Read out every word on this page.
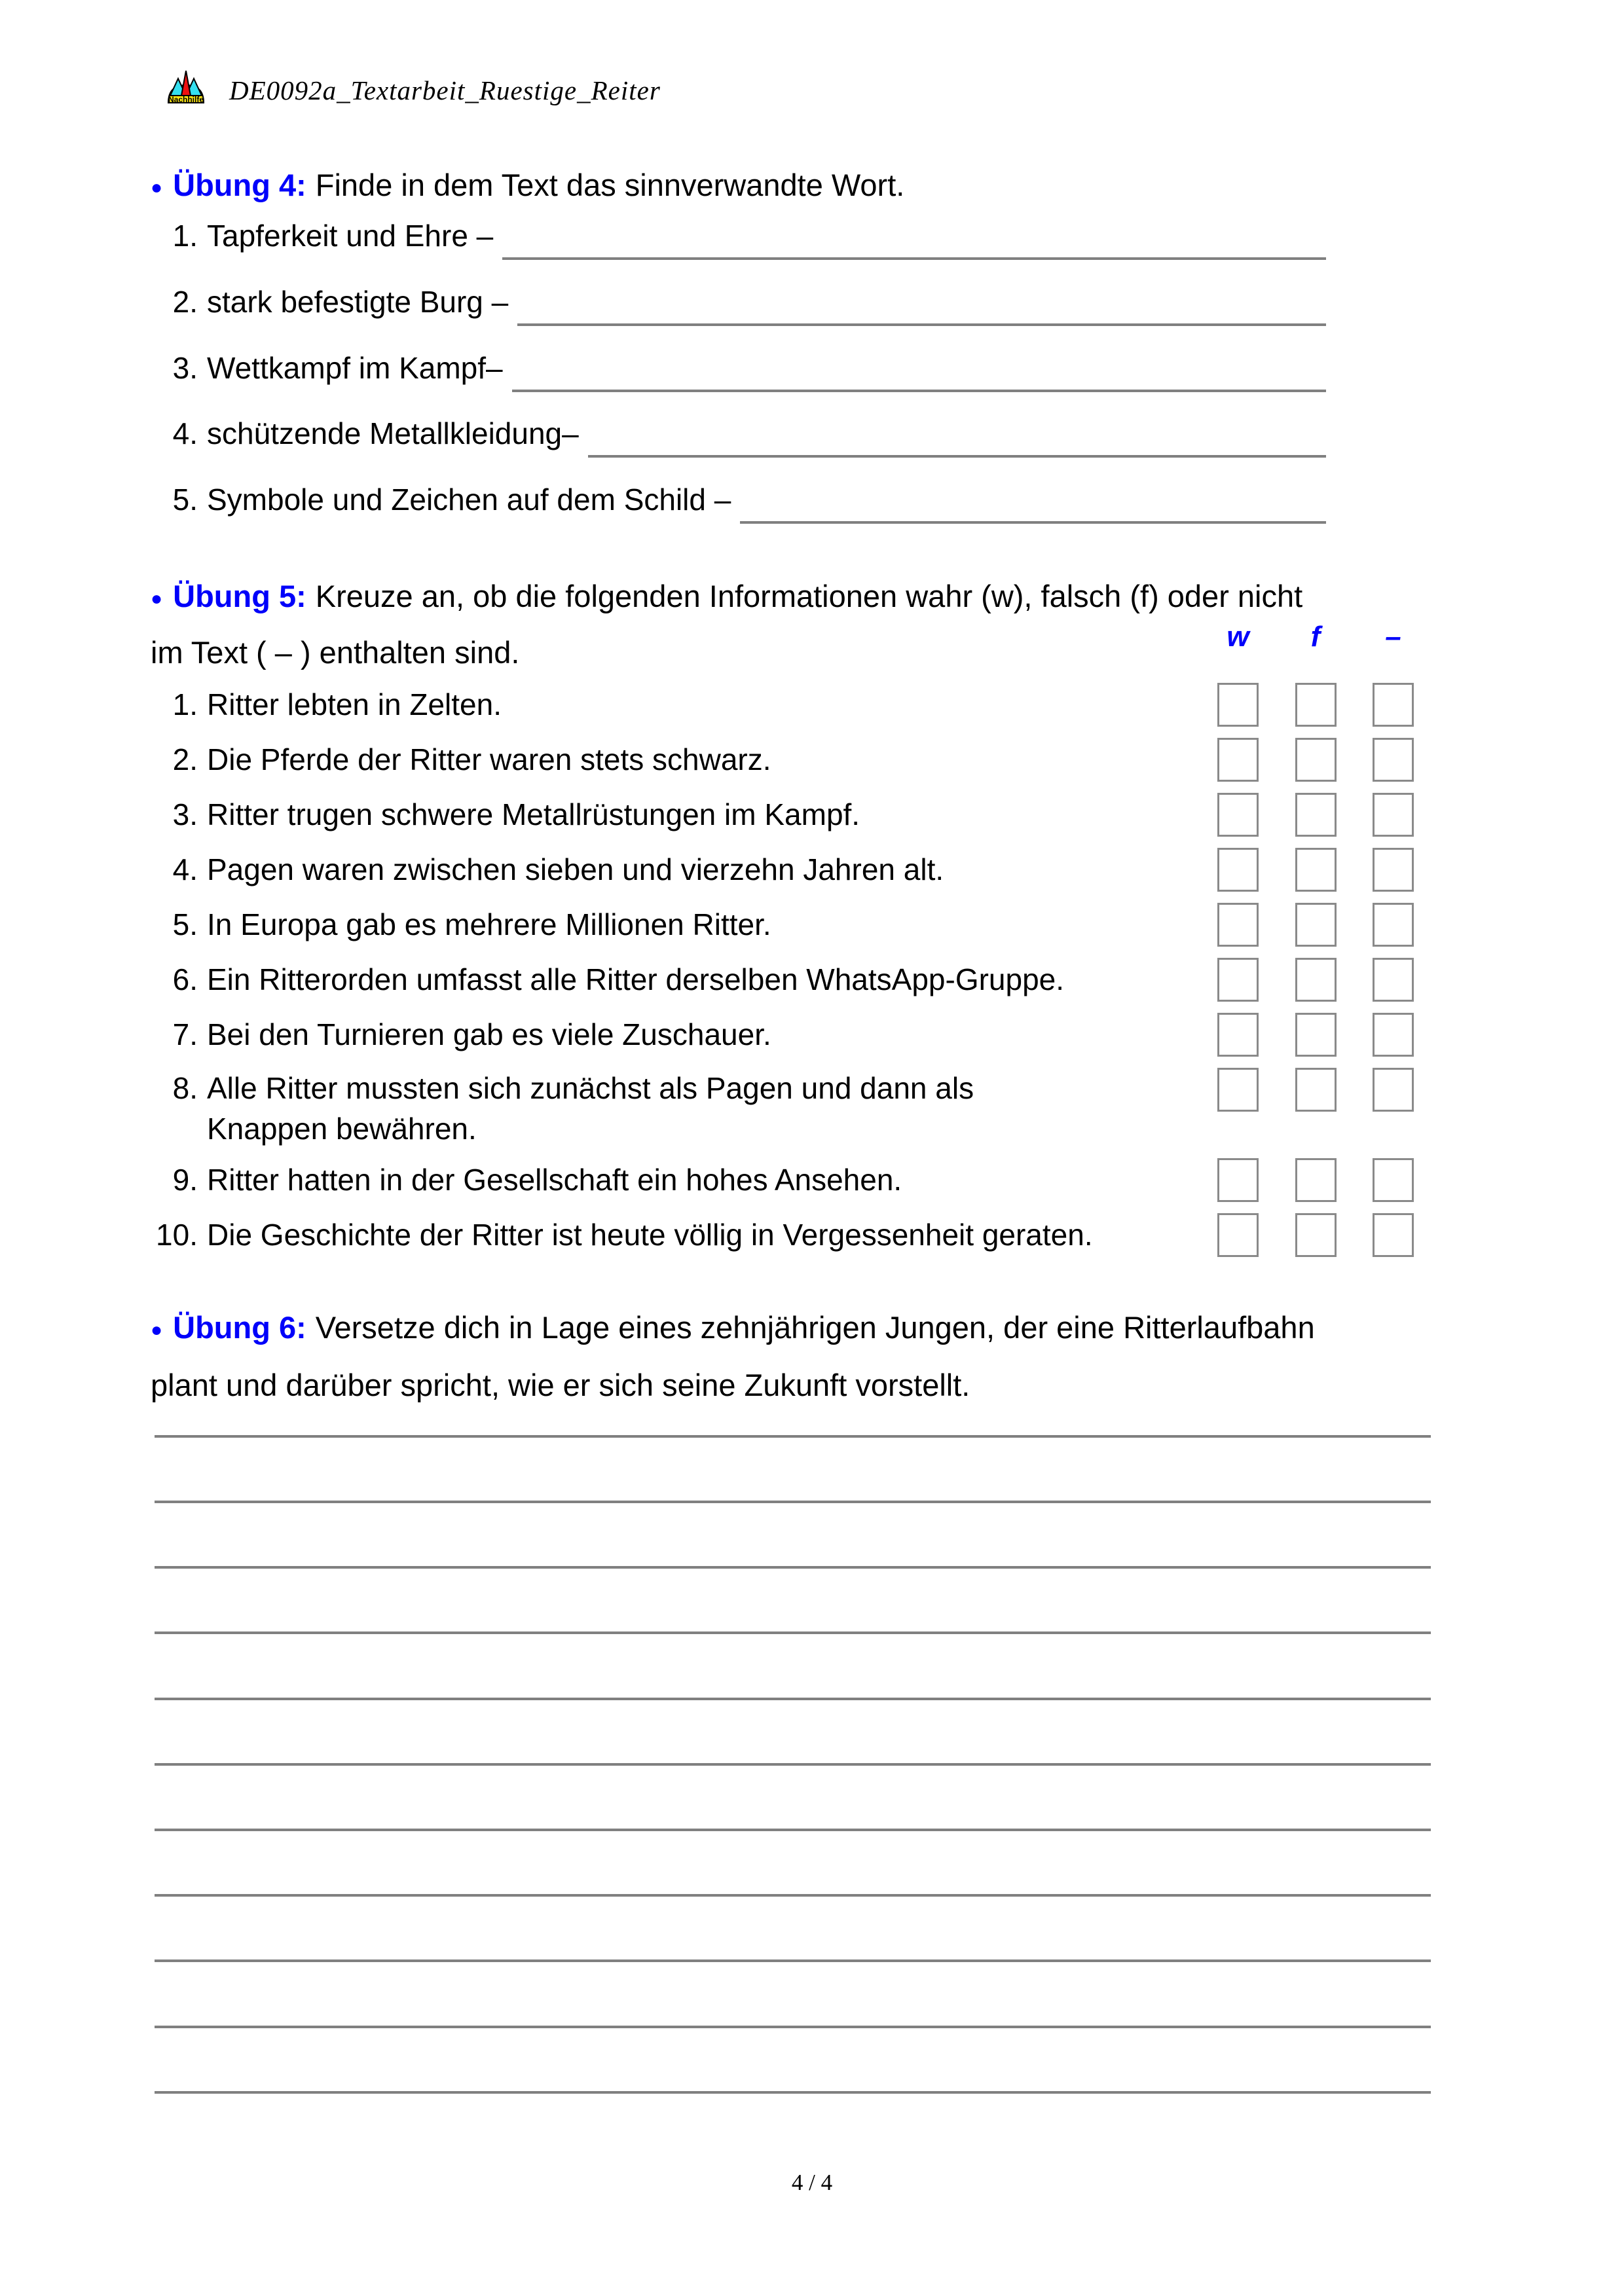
Nachhilfe DE0092a_Textarbeit_Ruestige_Reiter
● Übung 4: Finde in dem Text das sinnverwandte Wort.
1. Tapferkeit und Ehre –
2. stark befestigte Burg –
3. Wettkampf im Kampf–
4. schützende Metallkleidung–
5. Symbole und Zeichen auf dem Schild –
● Übung 5: Kreuze an, ob die folgenden Informationen wahr (w), falsch (f) oder nicht
im Text ( – ) enthalten sind.	w	f	–
1. Ritter lebten in Zelten.
2. Die Pferde der Ritter waren stets schwarz.
3. Ritter trugen schwere Metallrüstungen im Kampf.
4. Pagen waren zwischen sieben und vierzehn Jahren alt.
5. In Europa gab es mehrere Millionen Ritter.
6. Ein Ritterorden umfasst alle Ritter derselben WhatsApp-Gruppe.
7. Bei den Turnieren gab es viele Zuschauer.
8. Alle Ritter mussten sich zunächst als Pagen und dann als
Knappen bewähren.
9. Ritter hatten in der Gesellschaft ein hohes Ansehen.
10. Die Geschichte der Ritter ist heute völlig in Vergessenheit geraten.
● Übung 6: Versetze dich in Lage eines zehnjährigen Jungen, der eine Ritterlaufbahn
plant und darüber spricht, wie er sich seine Zukunft vorstellt.
4 / 4
